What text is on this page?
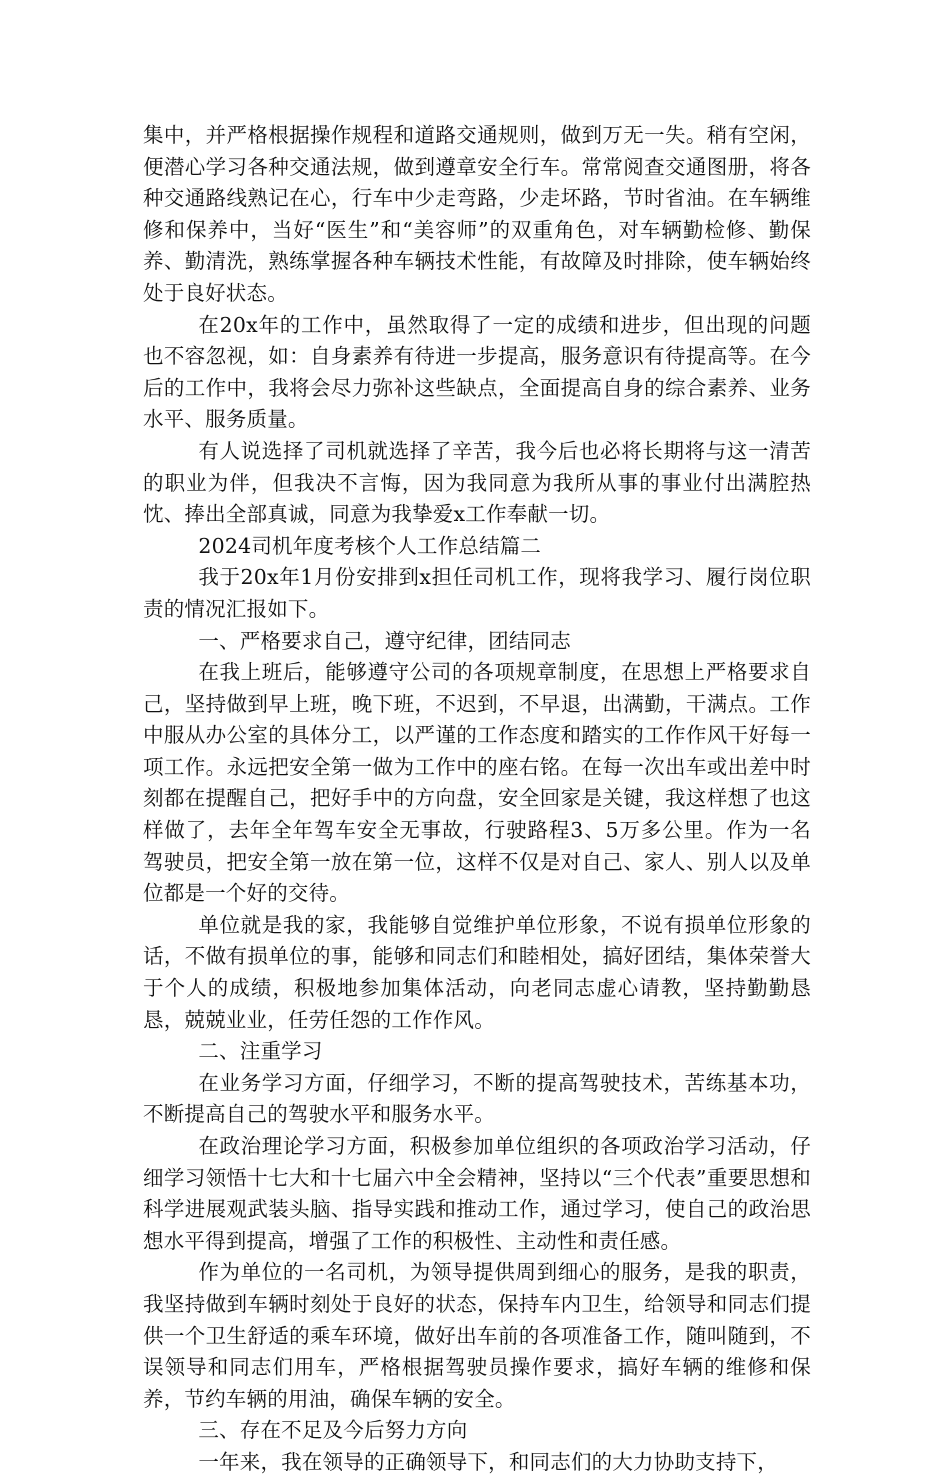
集中，并严格根据操作规程和道路交通规则，做到万无一失。稍有空闲，便潜心学习各种交通法规，做到遵章安全行车。常常阅查交通图册，将各种交通路线熟记在心，行车中少走弯路，少走坏路，节时省油。在车辆维修和保养中，当好“医生”和“美容师”的双重角色，对车辆勤检修、勤保养、勤清洗，熟练掌握各种车辆技术性能，有故障及时排除，使车辆始终处于良好状态。

在20x年的工作中，虽然取得了一定的成绩和进步，但出现的问题也不容忽视，如：自身素养有待进一步提高，服务意识有待提高等。在今后的工作中，我将会尽力弥补这些缺点，全面提高自身的综合素养、业务水平、服务质量。

有人说选择了司机就选择了辛苦，我今后也必将长期将与这一清苦的职业为伴，但我决不言悔，因为我同意为我所从事的事业付出满腔热忱、捧出全部真诚，同意为我挚爱x工作奉献一切。

2024司机年度考核个人工作总结篇二

我于20x年1月份安排到x担任司机工作，现将我学习、履行岗位职责的情况汇报如下。

一、严格要求自己，遵守纪律，团结同志

在我上班后，能够遵守公司的各项规章制度，在思想上严格要求自己，坚持做到早上班，晚下班，不迟到，不早退，出满勤，干满点。工作中服从办公室的具体分工，以严谨的工作态度和踏实的工作作风干好每一项工作。永远把安全第一做为工作中的座右铭。在每一次出车或出差中时刻都在提醒自己，把好手中的方向盘，安全回家是关键，我这样想了也这样做了，去年全年驾车安全无事故，行驶路程3、5万多公里。作为一名驾驶员，把安全第一放在第一位，这样不仅是对自己、家人、别人以及单位都是一个好的交待。

单位就是我的家，我能够自觉维护单位形象，不说有损单位形象的话，不做有损单位的事，能够和同志们和睦相处，搞好团结，集体荣誉大于个人的成绩，积极地参加集体活动，向老同志虚心请教，坚持勤勤恳恳，兢兢业业，任劳任怨的工作作风。

二、注重学习

在业务学习方面，仔细学习，不断的提高驾驶技术，苦练基本功，不断提高自己的驾驶水平和服务水平。

在政治理论学习方面，积极参加单位组织的各项政治学习活动，仔细学习领悟十七大和十七届六中全会精神，坚持以“三个代表”重要思想和科学进展观武装头脑、指导实践和推动工作，通过学习，使自己的政治思想水平得到提高，增强了工作的积极性、主动性和责任感。

作为单位的一名司机，为领导提供周到细心的服务，是我的职责，我坚持做到车辆时刻处于良好的状态，保持车内卫生，给领导和同志们提供一个卫生舒适的乘车环境，做好出车前的各项准备工作，随叫随到，不误领导和同志们用车，严格根据驾驶员操作要求，搞好车辆的维修和保养，节约车辆的用油，确保车辆的安全。

三、存在不足及今后努力方向

一年来，我在领导的正确领导下，和同志们的大力协助支持下，
